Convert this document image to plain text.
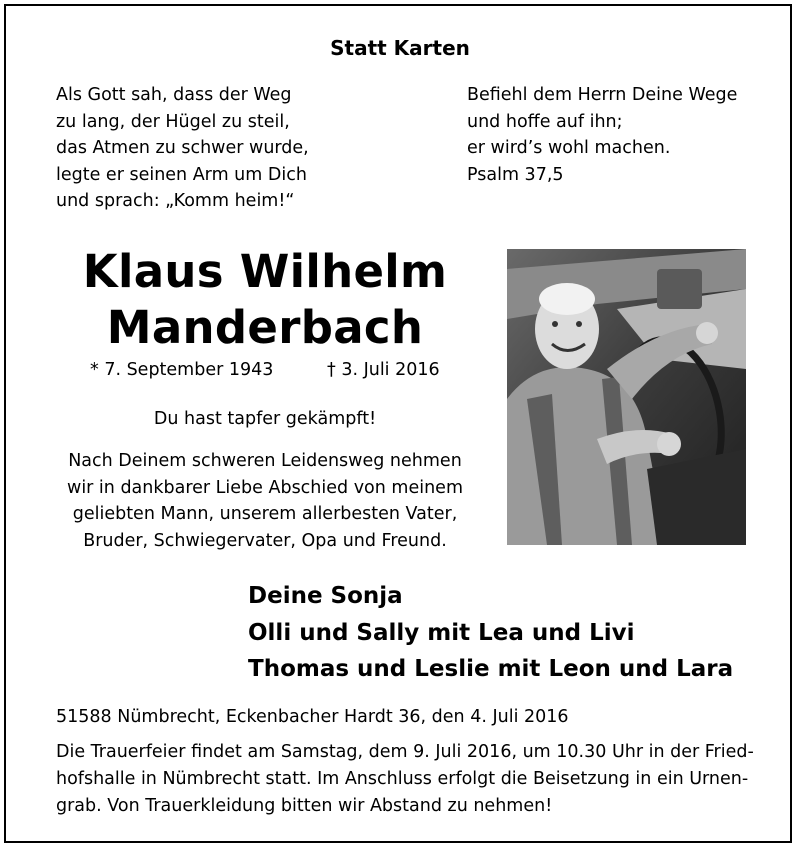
Statt Karten
Als Gott sah, dass der Weg
zu lang, der Hügel zu steil,
das Atmen zu schwer wurde,
legte er seinen Arm um Dich
und sprach: „Komm heim!“
Befiehl dem Herrn Deine Wege
und hoffe auf ihn;
er wird’s wohl machen.
Psalm 37,5
Klaus Wilhelm
Manderbach
* 7. September 1943	† 3. Juli 2016
Du hast tapfer gekämpft!
Nach Deinem schweren Leidensweg nehmen
wir in dankbarer Liebe Abschied von meinem
geliebten Mann, unserem allerbesten Vater,
Bruder, Schwiegervater, Opa und Freund.
Deine Sonja
Olli und Sally mit Lea und Livi
Thomas und Leslie mit Leon und Lara
51588 Nümbrecht, Eckenbacher Hardt 36, den 4. Juli 2016
Die Trauerfeier findet am Samstag, dem 9. Juli 2016, um 10.30 Uhr in der Fried-
hofshalle in Nümbrecht statt. Im Anschluss erfolgt die Beisetzung in ein Urnen-
grab. Von Trauerkleidung bitten wir Abstand zu nehmen!
